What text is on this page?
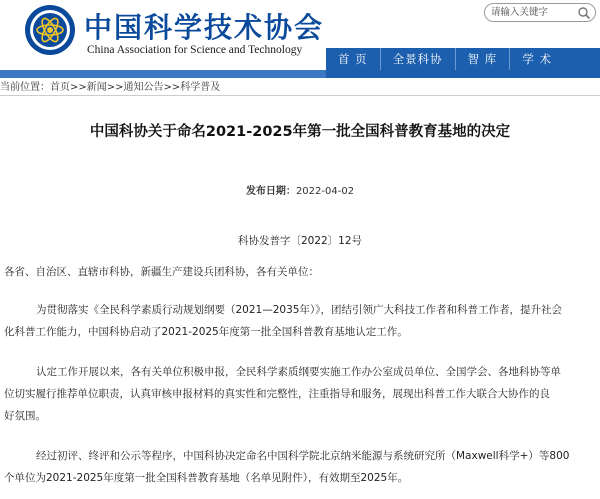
中国科学技术协会
China Association for Science and Technology
请输入关键字
首 页	全景科协	智 库	学 术
当前位置：首页>>新闻>>通知公告>>科学普及
中国科协关于命名2021-2025年第一批全国科普教育基地的决定
发布日期：2022-04-02
科协发普字〔2022〕12号
各省、自治区、直辖市科协，新疆生产建设兵团科协，各有关单位：
为贯彻落实《全民科学素质行动规划纲要（2021—2035年）》，团结引领广大科技工作者和科普工作者，提升社会
化科普工作能力，中国科协启动了2021-2025年度第一批全国科普教育基地认定工作。
认定工作开展以来，各有关单位积极申报，全民科学素质纲要实施工作办公室成员单位、全国学会、各地科协等单
位切实履行推荐单位职责，认真审核申报材料的真实性和完整性，注重指导和服务，展现出科普工作大联合大协作的良
好氛围。
经过初评、终评和公示等程序，中国科协决定命名中国科学院北京纳米能源与系统研究所（Maxwell科学+）等800
个单位为2021-2025年度第一批全国科普教育基地（名单见附件），有效期至2025年。
